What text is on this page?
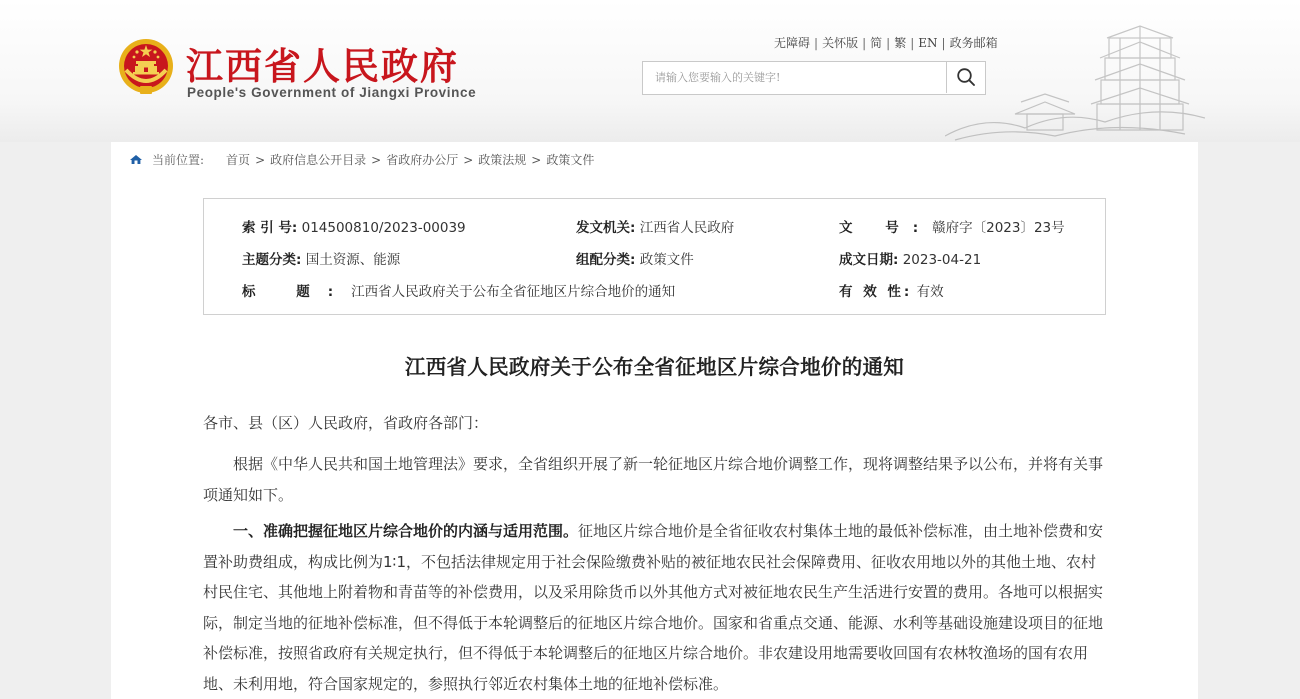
江西省人民政府
People's Government of Jiangxi Province
无障碍 | 关怀版 | 简 | 繁 | EN | 政务邮箱
请输入您要输入的关键字!
当前位置: 首页 > 政府信息公开目录 > 省政府办公厅 > 政策法规 > 政策文件
索 引 号: 014500810/2023-00039	发文机关: 江西省人民政府	文 号:赣府字〔2023〕23号
主题分类: 国土资源、能源	组配分类: 政策文件	成文日期: 2023-04-21
标 题:江西省人民政府关于公布全省征地区片综合地价的通知	有 效 性: 有效
江西省人民政府关于公布全省征地区片综合地价的通知
各市、县（区）人民政府，省政府各部门：
根据《中华人民共和国土地管理法》要求，全省组织开展了新一轮征地区片综合地价调整工作，现将调整结果予以公布，并将有关事项通知如下。
一、准确把握征地区片综合地价的内涵与适用范围。征地区片综合地价是全省征收农村集体土地的最低补偿标准，由土地补偿费和安置补助费组成，构成比例为1∶1，不包括法律规定用于社会保险缴费补贴的被征地农民社会保障费用、征收农用地以外的其他土地、农村村民住宅、其他地上附着物和青苗等的补偿费用，以及采用除货币以外其他方式对被征地农民生产生活进行安置的费用。各地可以根据实际，制定当地的征地补偿标准，但不得低于本轮调整后的征地区片综合地价。国家和省重点交通、能源、水利等基础设施建设项目的征地补偿标准，按照省政府有关规定执行，但不得低于本轮调整后的征地区片综合地价。非农建设用地需要收回国有农林牧渔场的国有农用地、未利用地，符合国家规定的，参照执行邻近农村集体土地的征地补偿标准。
